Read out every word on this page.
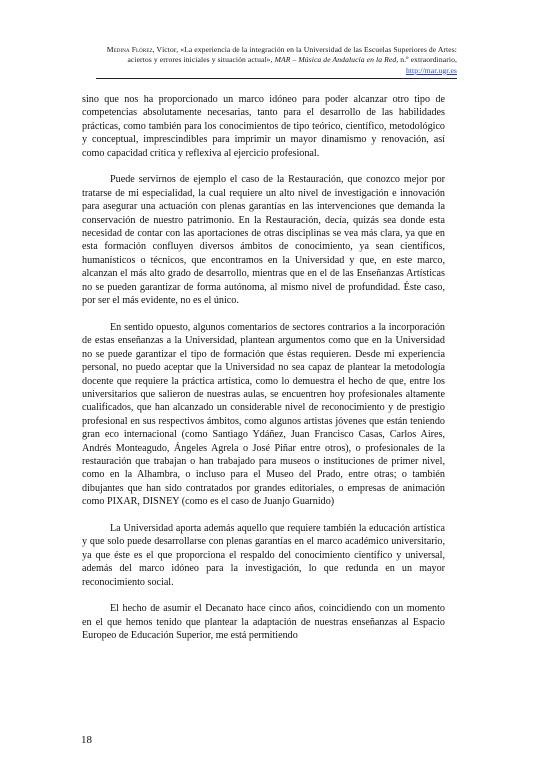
Medina Flórez, Víctor, «La experiencia de la integración en la Universidad de las Escuelas Superiores de Artes: aciertos y errores iniciales y situación actual», MAR – Música de Andalucía en la Red, n.º extraordinario, http://mar.ugr.es

sino que nos ha proporcionado un marco idóneo para poder alcanzar otro tipo de competencias absolutamente necesarias, tanto para el desarrollo de las habilidades prácticas, como también para los conocimientos de tipo teórico, científico, metodológico y conceptual, imprescindibles para imprimir un mayor dinamismo y renovación, así como capacidad crítica y reflexiva al ejercicio profesional.

Puede servirnos de ejemplo el caso de la Restauración, que conozco mejor por tratarse de mi especialidad, la cual requiere un alto nivel de investigación e innovación para asegurar una actuación con plenas garantías en las intervenciones que demanda la conservación de nuestro patrimonio. En la Restauración, decía, quizás sea donde esta necesidad de contar con las aportaciones de otras disciplinas se vea más clara, ya que en esta formación confluyen diversos ámbitos de conocimiento, ya sean científicos, humanísticos o técnicos, que encontramos en la Universidad y que, en este marco, alcanzan el más alto grado de desarrollo, mientras que en el de las Enseñanzas Artísticas no se pueden garantizar de forma autónoma, al mismo nivel de profundidad. Éste caso, por ser el más evidente, no es el único.

En sentido opuesto, algunos comentarios de sectores contrarios a la incorporación de estas enseñanzas a la Universidad, plantean argumentos como que en la Universidad no se puede garantizar el tipo de formación que éstas requieren. Desde mi experiencia personal, no puedo aceptar que la Universidad no sea capaz de plantear la metodología docente que requiere la práctica artística, como lo demuestra el hecho de que, entre los universitarios que salieron de nuestras aulas, se encuentren hoy profesionales altamente cualificados, que han alcanzado un considerable nivel de reconocimiento y de prestigio profesional en sus respectivos ámbitos, como algunos artistas jóvenes que están teniendo gran eco internacional (como Santiago Ydáñez, Juan Francisco Casas, Carlos Aires, Andrés Monteagudo, Ángeles Agrela o José Piñar entre otros), o profesionales de la restauración que trabajan o han trabajado para museos o instituciones de primer nivel, como en la Alhambra, o incluso para el Museo del Prado, entre otras; o también dibujantes que han sido contratados por grandes editoriales, o empresas de animación como PIXAR, DISNEY (como es el caso de Juanjo Guarnido)

La Universidad aporta además aquello que requiere también la educación artística y que solo puede desarrollarse con plenas garantías en el marco académico universitario, ya que éste es el que proporciona el respaldo del conocimiento científico y universal, además del marco idóneo para la investigación, lo que redunda en un mayor reconocimiento social.

El hecho de asumir el Decanato hace cinco años, coincidiendo con un momento en el que hemos tenido que plantear la adaptación de nuestras enseñanzas al Espacio Europeo de Educación Superior, me está permitiendo

18
